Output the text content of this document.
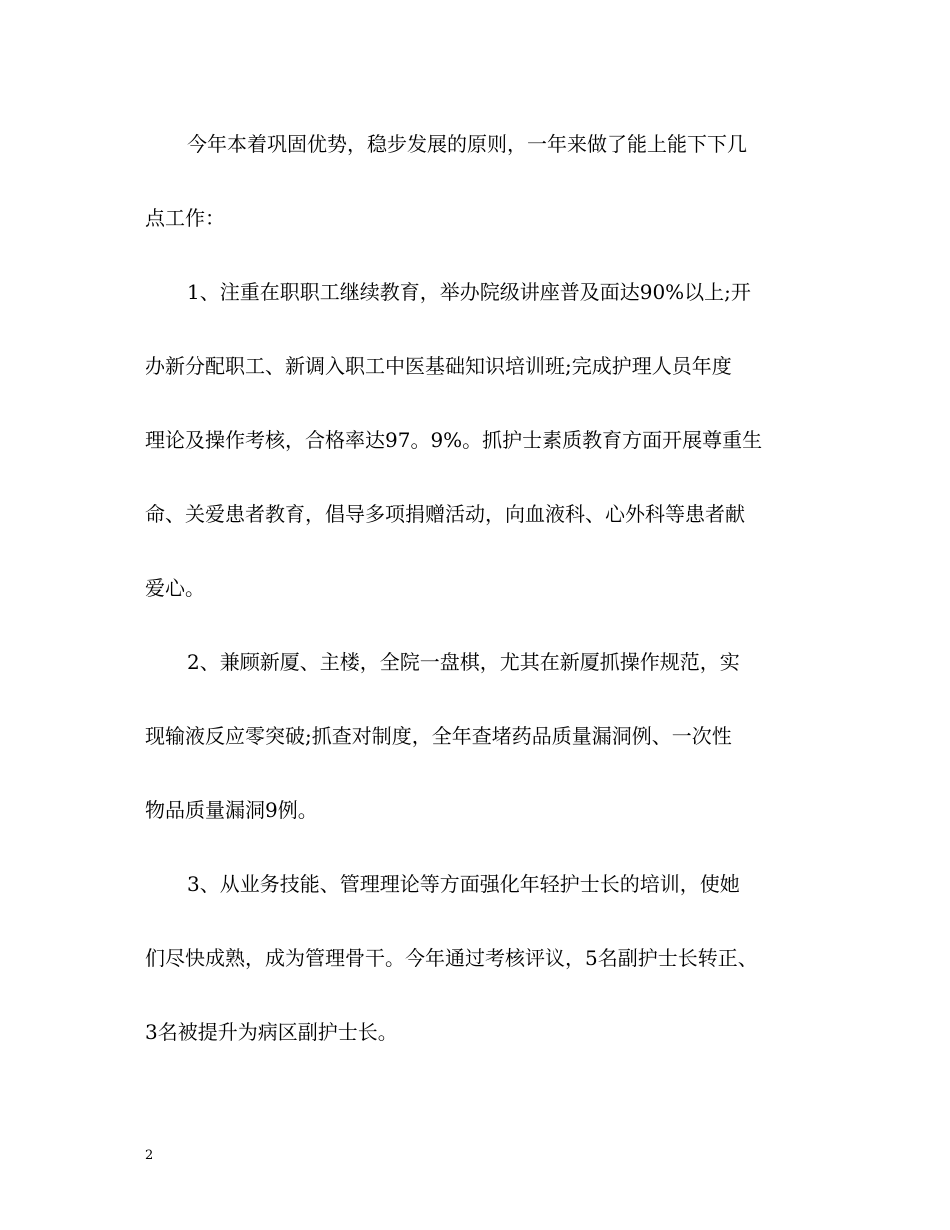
今年本着巩固优势，稳步发展的原则，一年来做了能上能下下几
点工作：
1、注重在职职工继续教育，举办院级讲座普及面达90%以上;开
办新分配职工、新调入职工中医基础知识培训班;完成护理人员年度
理论及操作考核，合格率达97。9%。抓护士素质教育方面开展尊重生
命、关爱患者教育，倡导多项捐赠活动，向血液科、心外科等患者献
爱心。
2、兼顾新厦、主楼，全院一盘棋，尤其在新厦抓操作规范，实
现输液反应零突破;抓查对制度，全年查堵药品质量漏洞例、一次性
物品质量漏洞9例。
3、从业务技能、管理理论等方面强化年轻护士长的培训，使她
们尽快成熟，成为管理骨干。今年通过考核评议，5名副护士长转正、
3名被提升为病区副护士长。
2
